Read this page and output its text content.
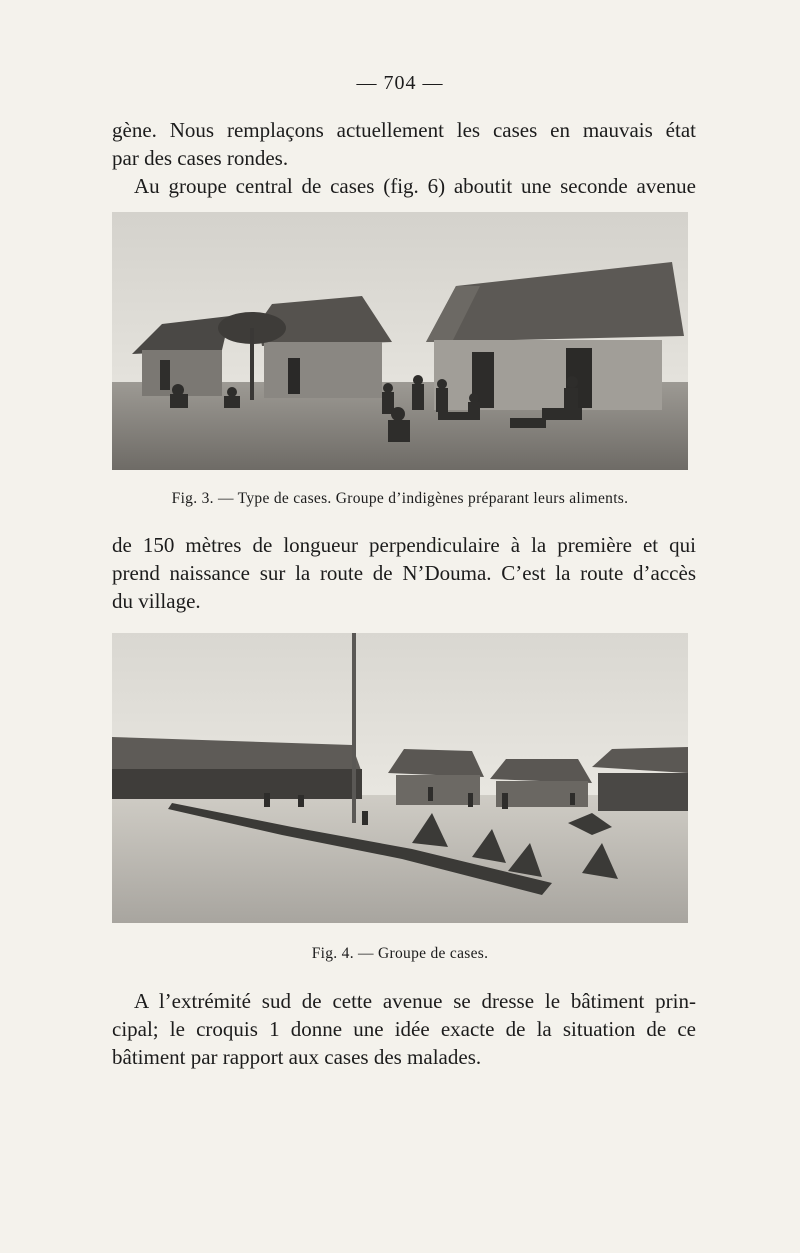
— 704 —
gène. Nous remplaçons actuellement les cases en mauvais état
par des cases rondes.
Au groupe central de cases (fig. 6) aboutit une seconde avenue
Fig. 3. — Type de cases. Groupe d’indigènes préparant leurs aliments.
de 150 mètres de longueur perpendiculaire à la première et qui
prend naissance sur la route de N’Douma. C’est la route d’accès
du village.
Fig. 4. — Groupe de cases.
A l’extrémité sud de cette avenue se dresse le bâtiment prin-
cipal; le croquis 1 donne une idée exacte de la situation de ce
bâtiment par rapport aux cases des malades.
